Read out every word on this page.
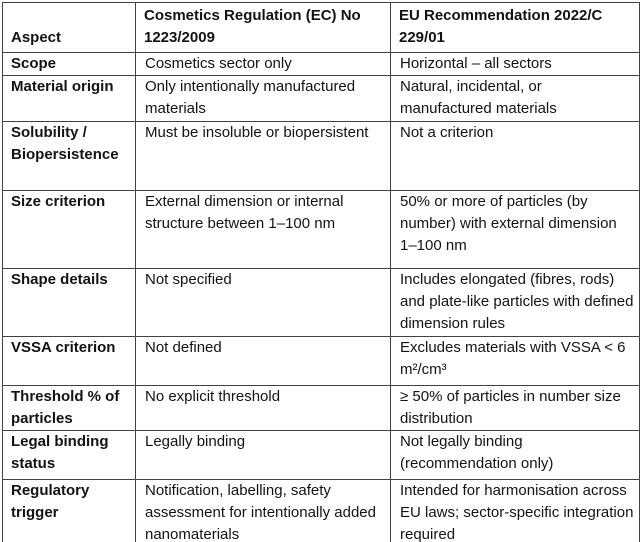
Aspect	Cosmetics Regulation (EC) No 1223/2009	EU Recommendation 2022/C 229/01
Scope	Cosmetics sector only	Horizontal – all sectors
Material origin	Only intentionally manufactured materials	Natural, incidental, or manufactured materials
Solubility / Biopersistence	Must be insoluble or biopersistent	Not a criterion
Size criterion	External dimension or internal structure between 1–100 nm	50% or more of particles (by number) with external dimension 1–100 nm
Shape details	Not specified	Includes elongated (fibres, rods) and plate-like particles with defined dimension rules
VSSA criterion	Not defined	Excludes materials with VSSA < 6 m²/cm³
Threshold % of particles	No explicit threshold	≥ 50% of particles in number size distribution
Legal binding status	Legally binding	Not legally binding (recommendation only)
Regulatory trigger	Notification, labelling, safety assessment for intentionally added nanomaterials	Intended for harmonisation across EU laws; sector-specific integration required
